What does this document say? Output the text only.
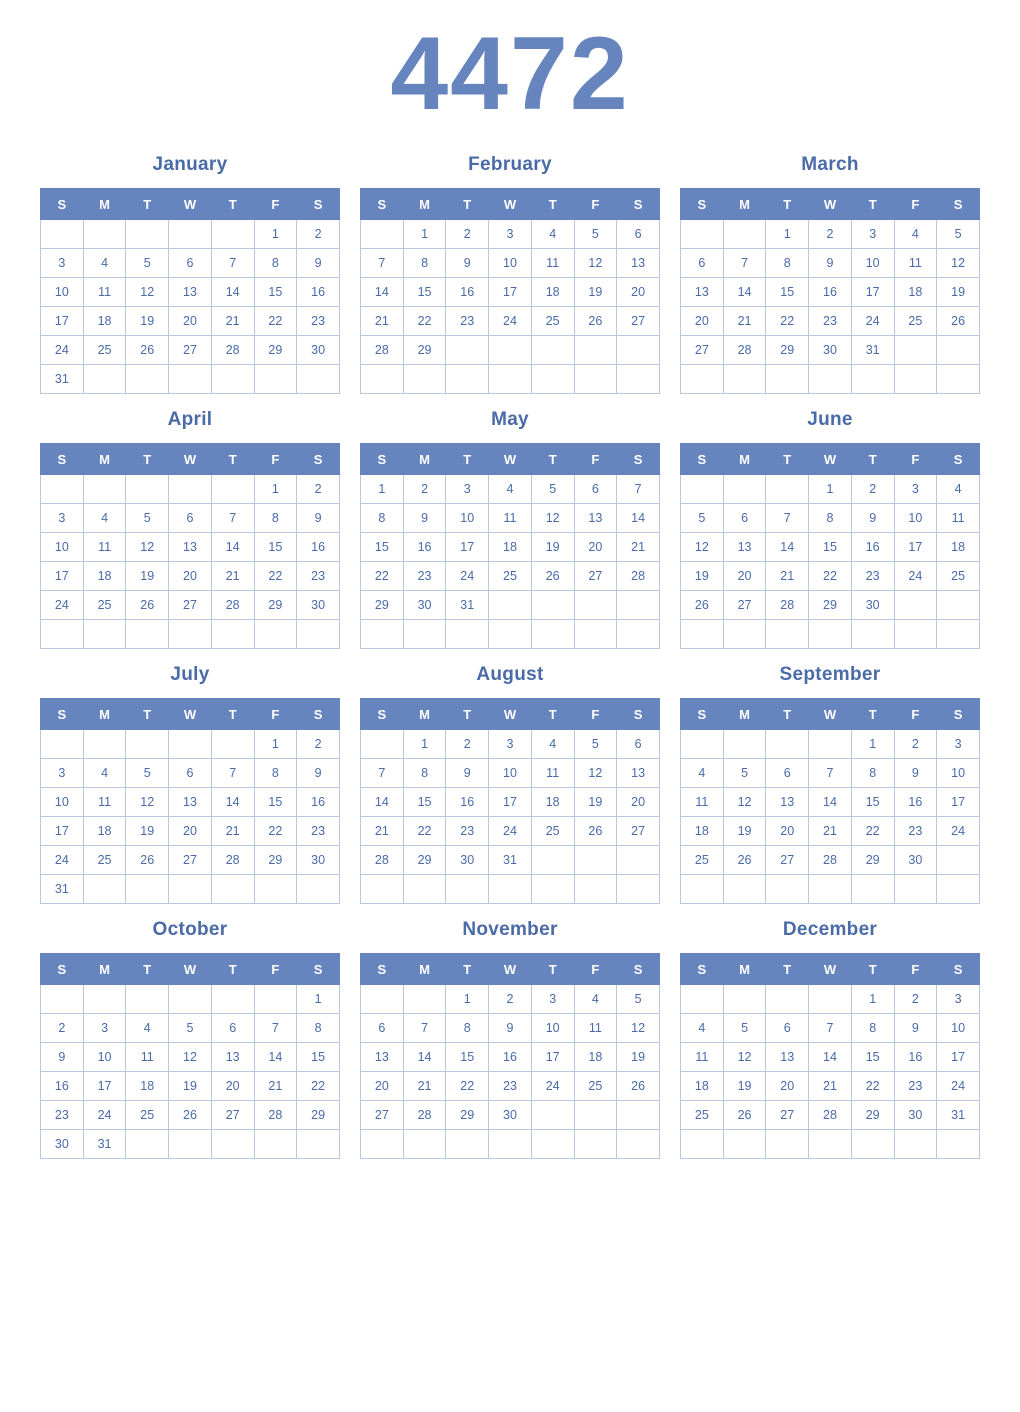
4472
January
S	M	T	W	T	F	S
					1	2
3	4	5	6	7	8	9
10	11	12	13	14	15	16
17	18	19	20	21	22	23
24	25	26	27	28	29	30
31						
February
S	M	T	W	T	F	S
	1	2	3	4	5	6
7	8	9	10	11	12	13
14	15	16	17	18	19	20
21	22	23	24	25	26	27
28	29					

March
S	M	T	W	T	F	S
		1	2	3	4	5
6	7	8	9	10	11	12
13	14	15	16	17	18	19
20	21	22	23	24	25	26
27	28	29	30	31		

April
S	M	T	W	T	F	S
					1	2
3	4	5	6	7	8	9
10	11	12	13	14	15	16
17	18	19	20	21	22	23
24	25	26	27	28	29	30

May
S	M	T	W	T	F	S
1	2	3	4	5	6	7
8	9	10	11	12	13	14
15	16	17	18	19	20	21
22	23	24	25	26	27	28
29	30	31				

June
S	M	T	W	T	F	S
			1	2	3	4
5	6	7	8	9	10	11
12	13	14	15	16	17	18
19	20	21	22	23	24	25
26	27	28	29	30		

July
S	M	T	W	T	F	S
					1	2
3	4	5	6	7	8	9
10	11	12	13	14	15	16
17	18	19	20	21	22	23
24	25	26	27	28	29	30
31						
August
S	M	T	W	T	F	S
	1	2	3	4	5	6
7	8	9	10	11	12	13
14	15	16	17	18	19	20
21	22	23	24	25	26	27
28	29	30	31			

September
S	M	T	W	T	F	S
				1	2	3
4	5	6	7	8	9	10
11	12	13	14	15	16	17
18	19	20	21	22	23	24
25	26	27	28	29	30	

October
S	M	T	W	T	F	S
						1
2	3	4	5	6	7	8
9	10	11	12	13	14	15
16	17	18	19	20	21	22
23	24	25	26	27	28	29
30	31					
November
S	M	T	W	T	F	S
		1	2	3	4	5
6	7	8	9	10	11	12
13	14	15	16	17	18	19
20	21	22	23	24	25	26
27	28	29	30			

December
S	M	T	W	T	F	S
				1	2	3
4	5	6	7	8	9	10
11	12	13	14	15	16	17
18	19	20	21	22	23	24
25	26	27	28	29	30	31
